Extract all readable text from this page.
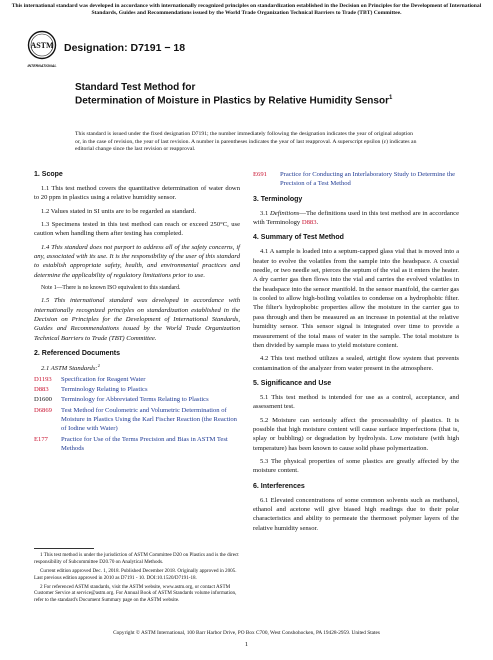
This international standard was developed in accordance with internationally recognized principles on standardization established in the Decision on Principles for the Development of International Standards, Guides and Recommendations issued by the World Trade Organization Technical Barriers to Trade (TBT) Committee.
ASTM
INTERNATIONAL
Designation: D7191 − 18
Standard Test Method for
Determination of Moisture in Plastics by Relative Humidity Sensor$^1$
This standard is issued under the fixed designation D7191; the number immediately following the designation indicates the year of original adoption or, in the case of revision, the year of last revision. A number in parentheses indicates the year of last reapproval. A superscript epsilon (ε) indicates an editorial change since the last revision or reapproval.
1. Scope

1.1 This test method covers the quantitative determination of water down to 20 ppm in plastics using a relative humidity sensor.

1.2 Values stated in SI units are to be regarded as standard.

1.3 Specimens tested in this test method can reach or exceed 250°C, use caution when handling them after testing has completed.

1.4 This standard does not purport to address all of the safety concerns, if any, associated with its use. It is the responsibility of the user of this standard to establish appropriate safety, health, and environmental practices and determine the applicability of regulatory limitations prior to use.

Note 1—There is no known ISO equivalent to this standard.

1.5 This international standard was developed in accordance with internationally recognized principles on standardization established in the Decision on Principles for the Development of International Standards, Guides and Recommendations issued by the World Trade Organization Technical Barriers to Trade (TBT) Committee.

2. Referenced Documents

2.1 ASTM Standards:$^2$

D1193	Specification for Reagent Water
D883	Terminology Relating to Plastics
D1600	Terminology for Abbreviated Terms Relating to Plastics
D6869	Test Method for Coulometric and Volumetric Determination of Moisture in Plastics Using the Karl Fischer Reaction (the Reaction of Iodine with Water)
E177	Practice for Use of the Terms Precision and Bias in ASTM Test Methods

1 This test method is under the jurisdiction of ASTM Committee D20 on Plastics and is the direct responsibility of Subcommittee D20.70 on Analytical Methods.

Current edition approved Dec. 1, 2018. Published December 2018. Originally approved in 2005. Last previous edition approved in 2010 as D7191 - 10. DOI:10.1520/D7191-18.

2 For referenced ASTM standards, visit the ASTM website, www.astm.org, or contact ASTM Customer Service at service@astm.org. For Annual Book of ASTM Standards volume information, refer to the standard's Document Summary page on the ASTM website.

E691	Practice for Conducting an Interlaboratory Study to Determine the Precision of a Test Method
3. Terminology

3.1 Definitions—The definitions used in this test method are in accordance with Terminology D883.

4. Summary of Test Method

4.1 A sample is loaded into a septum-capped glass vial that is moved into a heater to evolve the volatiles from the sample into the headspace. A coaxial needle, or two needle set, pierces the septum of the vial as it enters the heater. A dry carrier gas then flows into the vial and carries the evolved volatiles in the headspace into the sensor manifold. In the sensor manifold, the carrier gas is cooled to allow high-boiling volatiles to condense on a hydrophobic filter. The filter's hydrophobic properties allow the moisture in the carrier gas to pass through and then be measured as an increase in potential at the relative humidity sensor. This sensor signal is integrated over time to provide a measurement of the total mass of water in the sample. The total moisture is then divided by sample mass to yield moisture content.

4.2 This test method utilizes a sealed, airtight flow system that prevents contamination of the analyzer from water present in the atmosphere.

5. Significance and Use

5.1 This test method is intended for use as a control, acceptance, and assessment test.

5.2 Moisture can seriously affect the processability of plastics. It is possible that high moisture content will cause surface imperfections (that is, splay or bubbling) or degradation by hydrolysis. Low moisture (with high temperature) has been known to cause solid phase polymerization.

5.3 The physical properties of some plastics are greatly affected by the moisture content.

6. Interferences

6.1 Elevated concentrations of some common solvents such as methanol, ethanol and acetone will give biased high readings due to their polar characteristics and ability to permeate the thermoset polymer layers of the relative humidity sensor.

Copyright © ASTM International, 100 Barr Harbor Drive, PO Box C700, West Conshohocken, PA 19428-2959. United States
1
